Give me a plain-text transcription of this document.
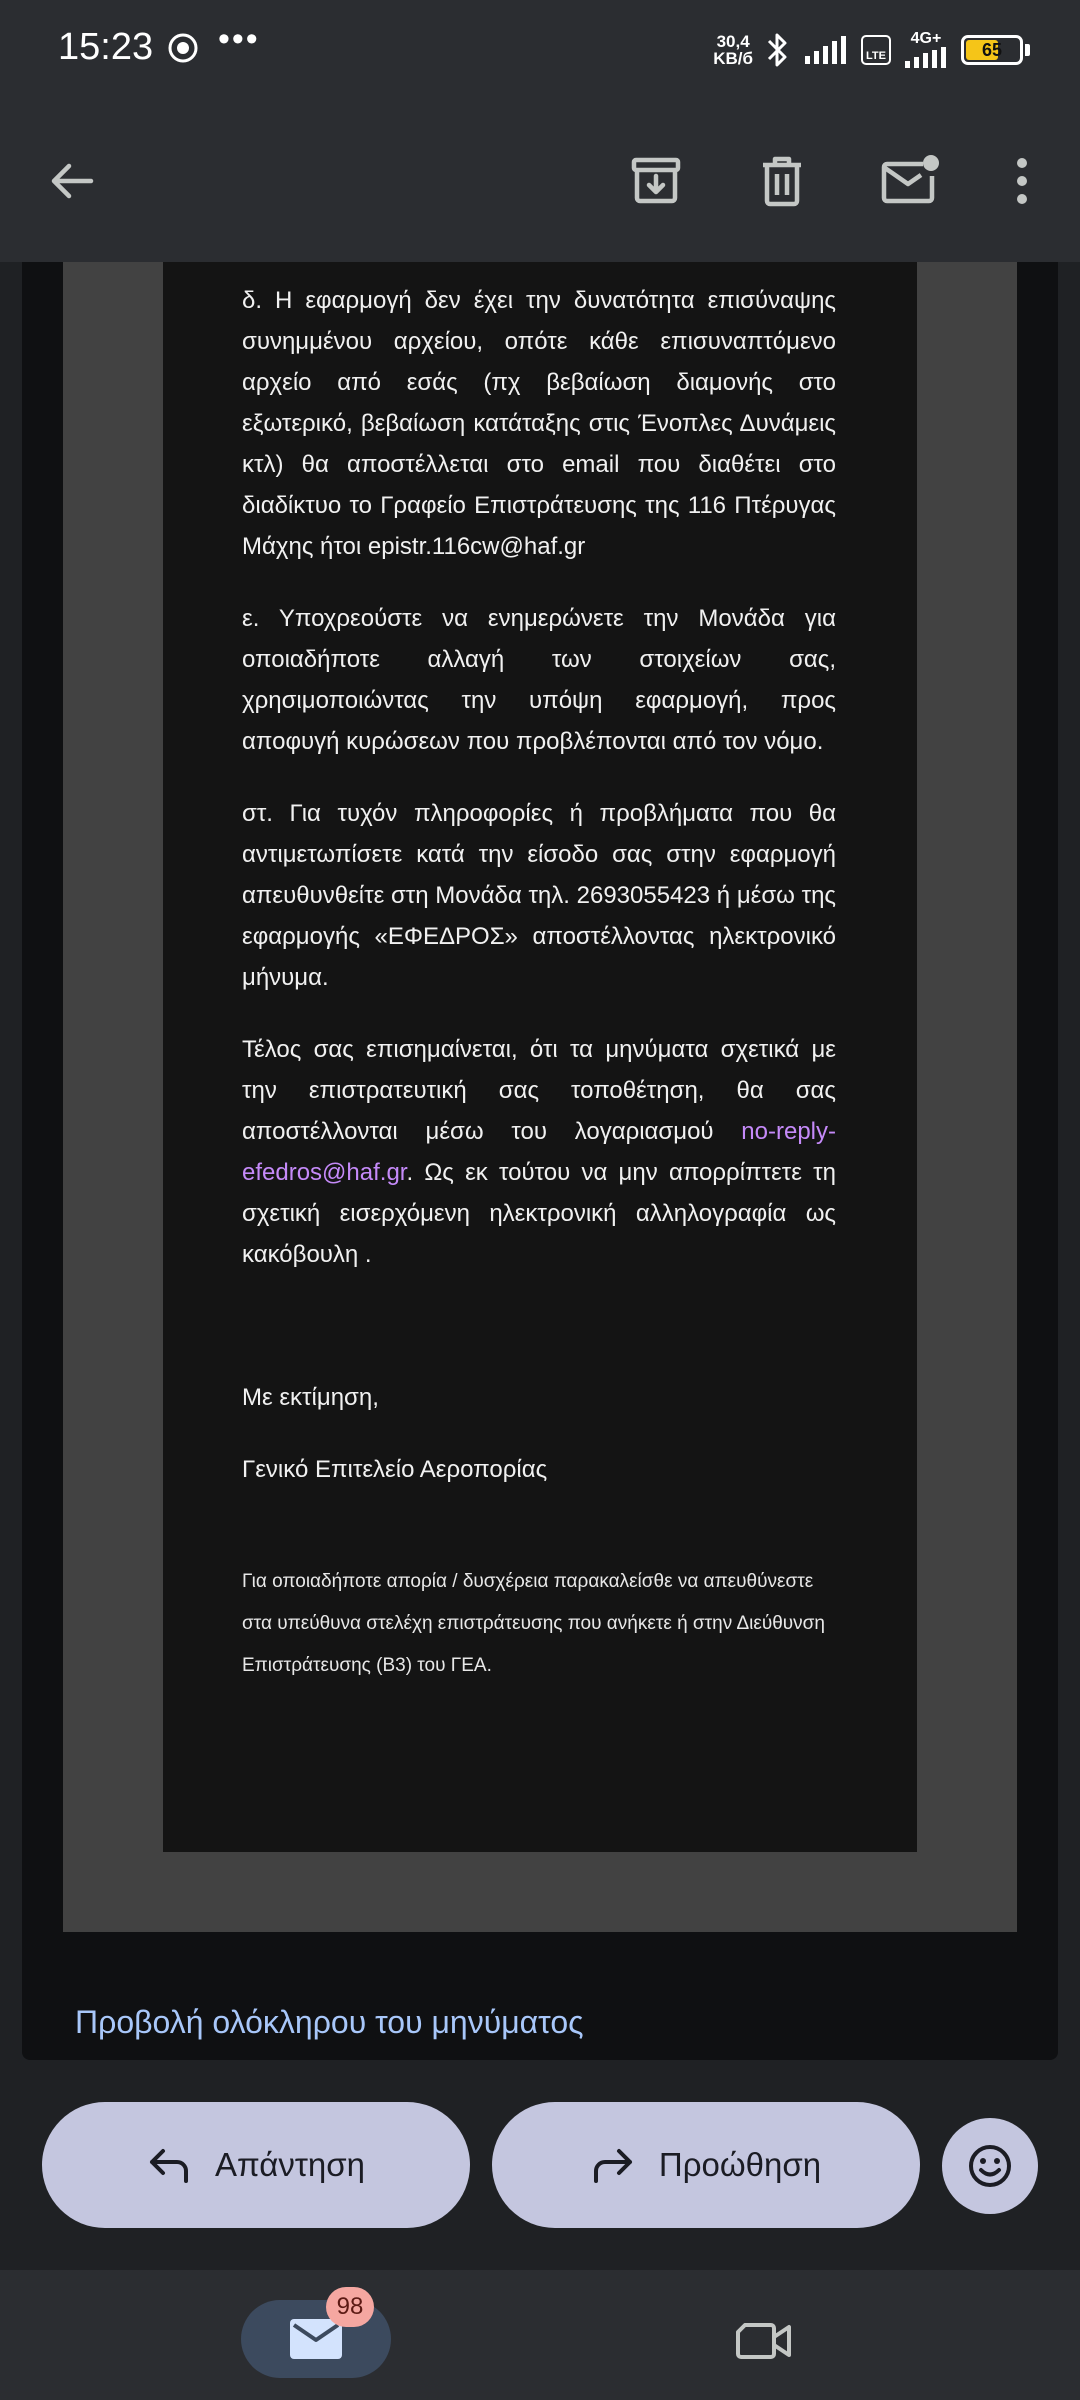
15:23 •••	30,4
KB/б	LTE
4G+
65

δ. Η εφαρμογή δεν έχει την δυνατότητα επισύναψης συνημμένου αρχείου, οπότε κάθε επισυναπτόμενο αρχείο από εσάς (πχ βεβαίωση διαμονής στο εξωτερικό, βεβαίωση κατάταξης στις Ένοπλες Δυνάμεις κτλ) θα αποστέλλεται στο email που διαθέτει στο διαδίκτυο το Γραφείο Επιστράτευσης της 116 Πτέρυγας Μάχης ήτοι epistr.116cw@haf.gr

ε. Υποχρεούστε να ενημερώνετε την Μονάδα για οποιαδήποτε αλλαγή των στοιχείων σας, χρησιμοποιώντας την υπόψη εφαρμογή, προς αποφυγή κυρώσεων που προβλέπονται από τον νόμο.

στ. Για τυχόν πληροφορίες ή προβλήματα που θα αντιμετωπίσετε κατά την είσοδο σας στην εφαρμογή απευθυνθείτε στη Μονάδα τηλ. 2693055423 ή μέσω της εφαρμογής «ΕΦΕΔΡΟΣ» αποστέλλοντας ηλεκτρονικό μήνυμα.

Τέλος σας επισημαίνεται, ότι τα μηνύματα σχετικά με την επιστρατευτική σας τοποθέτηση, θα σας αποστέλλονται μέσω του λογαριασμού no-reply-efedros@haf.gr. Ως εκ τούτου να μην απορρίπτετε τη σχετική εισερχόμενη ηλεκτρονική αλληλογραφία ως κακόβουλη .

Με εκτίμηση,

Γενικό Επιτελείο Αεροπορίας

Για οποιαδήποτε απορία / δυσχέρεια παρακαλείσθε να απευθύνεστε στα υπεύθυνα στελέχη επιστράτευσης που ανήκετε ή στην Διεύθυνση Επιστράτευσης (Β3) του ΓΕΑ.

Προβολή ολόκληρου του μηνύματος
Απάντηση	Προώθηση
98
